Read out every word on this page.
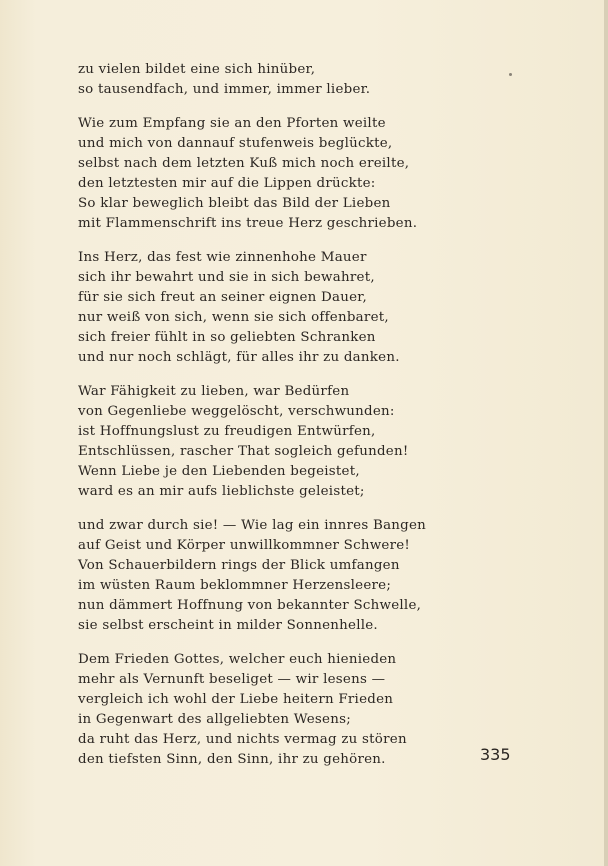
zu vielen bildet eine sich hinüber,
so tausendfach, und immer, immer lieber.
Wie zum Empfang sie an den Pforten weilte
und mich von dannauf stufenweis beglückte,
selbst nach dem letzten Kuß mich noch ereilte,
den letztesten mir auf die Lippen drückte:
So klar beweglich bleibt das Bild der Lieben
mit Flammenschrift ins treue Herz geschrieben.
Ins Herz, das fest wie zinnenhohe Mauer
sich ihr bewahrt und sie in sich bewahret,
für sie sich freut an seiner eignen Dauer,
nur weiß von sich, wenn sie sich offenbaret,
sich freier fühlt in so geliebten Schranken
und nur noch schlägt, für alles ihr zu danken.
War Fähigkeit zu lieben, war Bedürfen
von Gegenliebe weggelöscht, verschwunden:
ist Hoffnungslust zu freudigen Entwürfen,
Entschlüssen, rascher That sogleich gefunden!
Wenn Liebe je den Liebenden begeistet,
ward es an mir aufs lieblichste geleistet;
und zwar durch sie! — Wie lag ein innres Bangen
auf Geist und Körper unwillkommner Schwere!
Von Schauerbildern rings der Blick umfangen
im wüsten Raum beklommner Herzensleere;
nun dämmert Hoffnung von bekannter Schwelle,
sie selbst erscheint in milder Sonnenhelle.
Dem Frieden Gottes, welcher euch hienieden
mehr als Vernunft beseliget — wir lesens —
vergleich ich wohl der Liebe heitern Frieden
in Gegenwart des allgeliebten Wesens;
da ruht das Herz, und nichts vermag zu stören
den tiefsten Sinn, den Sinn, ihr zu gehören.	335
